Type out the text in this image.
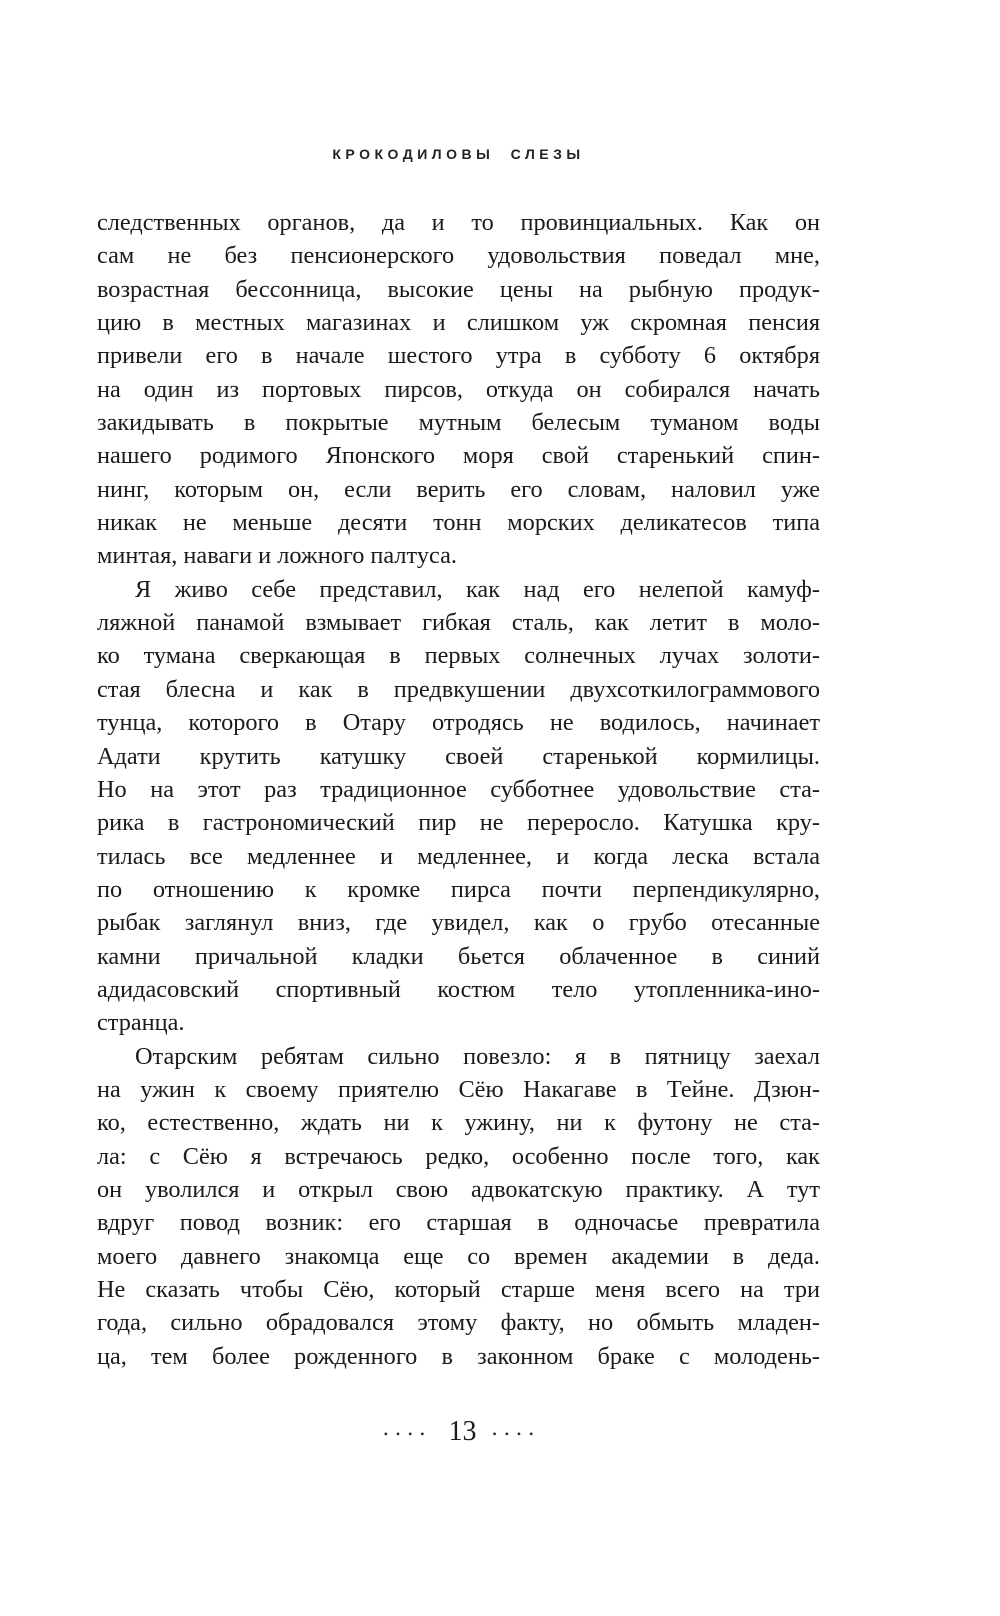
КРОКОДИЛОВЫ СЛЕЗЫ
следственных органов, да и то провинциальных. Как он
сам не без пенсионерского удовольствия поведал мне,
возрастная бессонница, высокие цены на рыбную продук-
цию в местных магазинах и слишком уж скромная пенсия
привели его в начале шестого утра в субботу 6 октября
на один из портовых пирсов, откуда он собирался начать
закидывать в покрытые мутным белесым туманом воды
нашего родимого Японского моря свой старенький спин-
нинг, которым он, если верить его словам, наловил уже
никак не меньше десяти тонн морских деликатесов типа
минтая, наваги и ложного палтуса.
Я живо себе представил, как над его нелепой камуф-
ляжной панамой взмывает гибкая сталь, как летит в моло-
ко тумана сверкающая в первых солнечных лучах золоти-
стая блесна и как в предвкушении двухсоткилограммового
тунца, которого в Отару отродясь не водилось, начинает
Адати крутить катушку своей старенькой кормилицы.
Но на этот раз традиционное субботнее удовольствие ста-
рика в гастрономический пир не переросло. Катушка кру-
тилась все медленнее и медленнее, и когда леска встала
по отношению к кромке пирса почти перпендикулярно,
рыбак заглянул вниз, где увидел, как о грубо отесанные
камни причальной кладки бьется облаченное в синий
адидасовский спортивный костюм тело утопленника-ино-
странца.
Отарским ребятам сильно повезло: я в пятницу заехал
на ужин к своему приятелю Сёю Накагаве в Тейне. Дзюн-
ко, естественно, ждать ни к ужину, ни к футону не ста-
ла: с Сёю я встречаюсь редко, особенно после того, как
он уволился и открыл свою адвокатскую практику. А тут
вдруг повод возник: его старшая в одночасье превратила
моего давнего знакомца еще со времен академии в деда.
Не сказать чтобы Сёю, который старше меня всего на три
года, сильно обрадовался этому факту, но обмыть младен-
ца, тем более рожденного в законном браке с молодень-
•••• 13 ••••
